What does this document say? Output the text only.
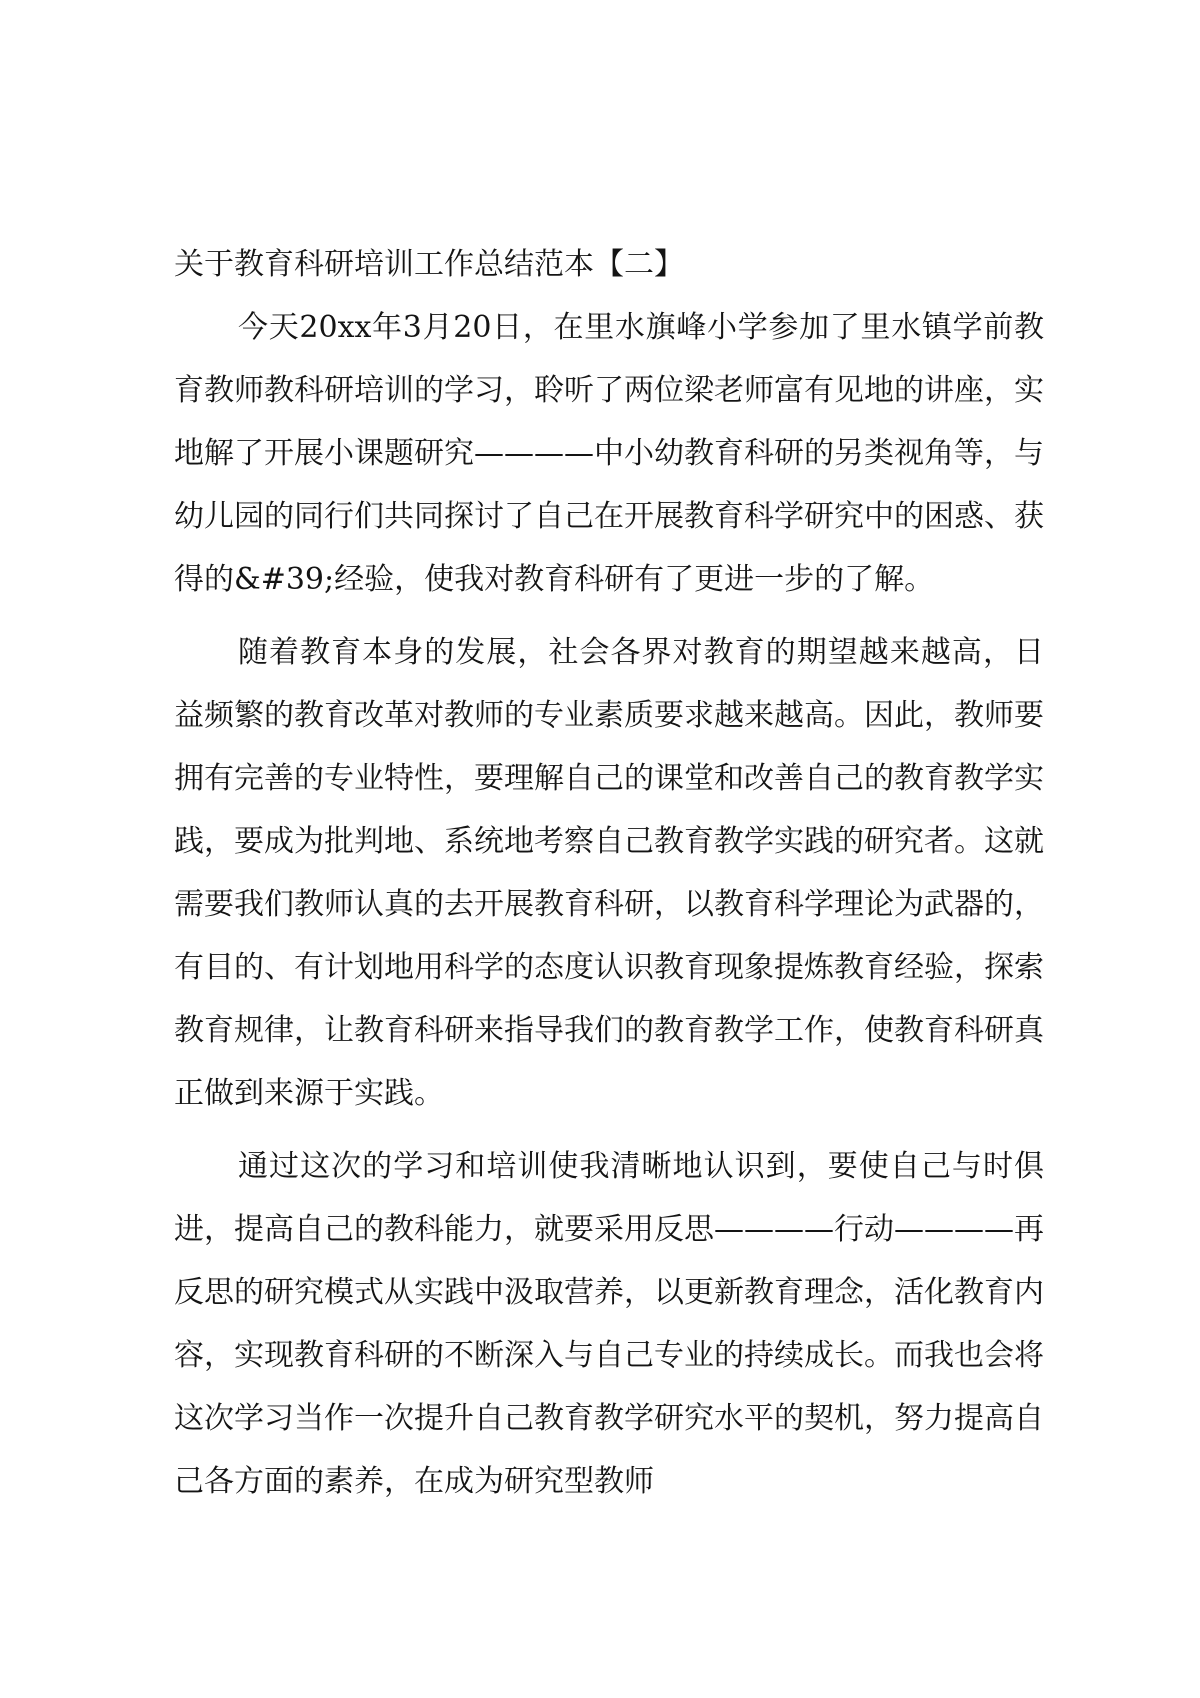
关于教育科研培训工作总结范本【二】

今天20xx年3月20日，在里水旗峰小学参加了里水镇学前教育教师教科研培训的学习，聆听了两位梁老师富有见地的讲座，实地解了开展小课题研究————中小幼教育科研的另类视角等，与幼儿园的同行们共同探讨了自己在开展教育科学研究中的困惑、获得的&#39;经验，使我对教育科研有了更进一步的了解。

随着教育本身的发展，社会各界对教育的期望越来越高，日益频繁的教育改革对教师的专业素质要求越来越高。因此，教师要拥有完善的专业特性，要理解自己的课堂和改善自己的教育教学实践，要成为批判地、系统地考察自己教育教学实践的研究者。这就需要我们教师认真的去开展教育科研，以教育科学理论为武器的，有目的、有计划地用科学的态度认识教育现象提炼教育经验，探索教育规律，让教育科研来指导我们的教育教学工作，使教育科研真正做到来源于实践。

通过这次的学习和培训使我清晰地认识到，要使自己与时俱进，提高自己的教科能力，就要采用反思————行动————再反思的研究模式从实践中汲取营养，以更新教育理念，活化教育内容，实现教育科研的不断深入与自己专业的持续成长。而我也会将这次学习当作一次提升自己教育教学研究水平的契机，努力提高自己各方面的素养，在成为研究型教师
